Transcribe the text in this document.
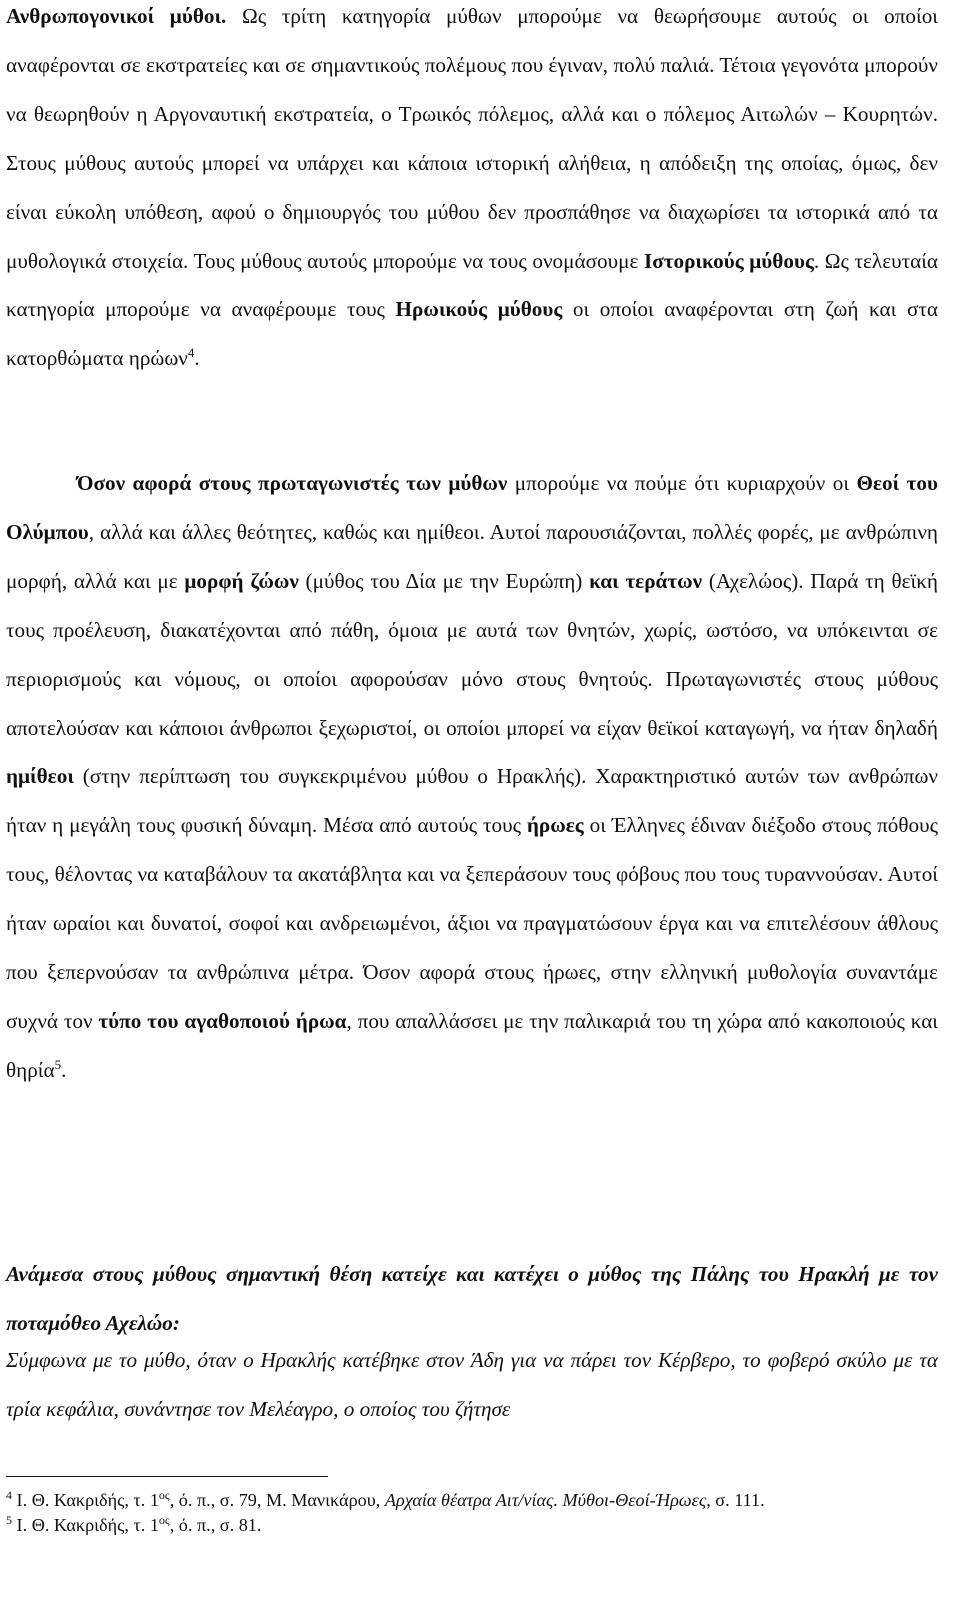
Ανθρωπογονικοί μύθοι. Ως τρίτη κατηγορία μύθων μπορούμε να θεωρήσουμε αυτούς οι οποίοι αναφέρονται σε εκστρατείες και σε σημαντικούς πολέμους που έγιναν, πολύ παλιά. Τέτοια γεγονότα μπορούν να θεωρηθούν η Αργοναυτική εκστρατεία, ο Τρωικός πόλεμος, αλλά και ο πόλεμος Αιτωλών – Κουρητών. Στους μύθους αυτούς μπορεί να υπάρχει και κάποια ιστορική αλήθεια, η απόδειξη της οποίας, όμως, δεν είναι εύκολη υπόθεση, αφού ο δημιουργός του μύθου δεν προσπάθησε να διαχωρίσει τα ιστορικά από τα μυθολογικά στοιχεία. Τους μύθους αυτούς μπορούμε να τους ονομάσουμε Ιστορικούς μύθους. Ως τελευταία κατηγορία μπορούμε να αναφέρουμε τους Ηρωικούς μύθους οι οποίοι αναφέρονται στη ζωή και στα κατορθώματα ηρώων$^4$.

Όσον αφορά στους πρωταγωνιστές των μύθων μπορούμε να πούμε ότι κυριαρχούν οι Θεοί του Ολύμπου, αλλά και άλλες θεότητες, καθώς και ημίθεοι. Αυτοί παρουσιάζονται, πολλές φορές, με ανθρώπινη μορφή, αλλά και με μορφή ζώων (μύθος του Δία με την Ευρώπη) και τεράτων (Αχελώος). Παρά τη θεϊκή τους προέλευση, διακατέχονται από πάθη, όμοια με αυτά των θνητών, χωρίς, ωστόσο, να υπόκεινται σε περιορισμούς και νόμους, οι οποίοι αφορούσαν μόνο στους θνητούς. Πρωταγωνιστές στους μύθους αποτελούσαν και κάποιοι άνθρωποι ξεχωριστοί, οι οποίοι μπορεί να είχαν θεϊκοί καταγωγή, να ήταν δηλαδή ημίθεοι (στην περίπτωση του συγκεκριμένου μύθου ο Ηρακλής). Χαρακτηριστικό αυτών των ανθρώπων ήταν η μεγάλη τους φυσική δύναμη. Μέσα από αυτούς τους ήρωες οι Έλληνες έδιναν διέξοδο στους πόθους τους, θέλοντας να καταβάλουν τα ακατάβλητα και να ξεπεράσουν τους φόβους που τους τυραννούσαν. Αυτοί ήταν ωραίοι και δυνατοί, σοφοί και ανδρειωμένοι, άξιοι να πραγματώσουν έργα και να επιτελέσουν άθλους που ξεπερνούσαν τα ανθρώπινα μέτρα. Όσον αφορά στους ήρωες, στην ελληνική μυθολογία συναντάμε συχνά τον τύπο του αγαθοποιού ήρωα, που απαλλάσσει με την παλικαριά του τη χώρα από κακοποιούς και θηρία$^5$.

Ανάμεσα στους μύθους σημαντική θέση κατείχε και κατέχει ο μύθος της Πάλης του Ηρακλή με τον ποταμόθεο Αχελώο:

Σύμφωνα με το μύθο, όταν ο Ηρακλής κατέβηκε στον Άδη για να πάρει τον Κέρβερο, το φοβερό σκύλο με τα τρία κεφάλια, συνάντησε τον Μελέαγρο, ο οποίος του ζήτησε

$^4$ Ι. Θ. Κακριδής, τ. $1^{o\varsigma}$, ό. π., σ. 79, Μ. Μανικάρου, Αρχαία θέατρα Αιτ/νίας. Μύθοι-Θεοί-Ήρωες, σ. 111.

$^5$ Ι. Θ. Κακριδής, τ. $1^{o\varsigma}$, ό. π., σ. 81.
